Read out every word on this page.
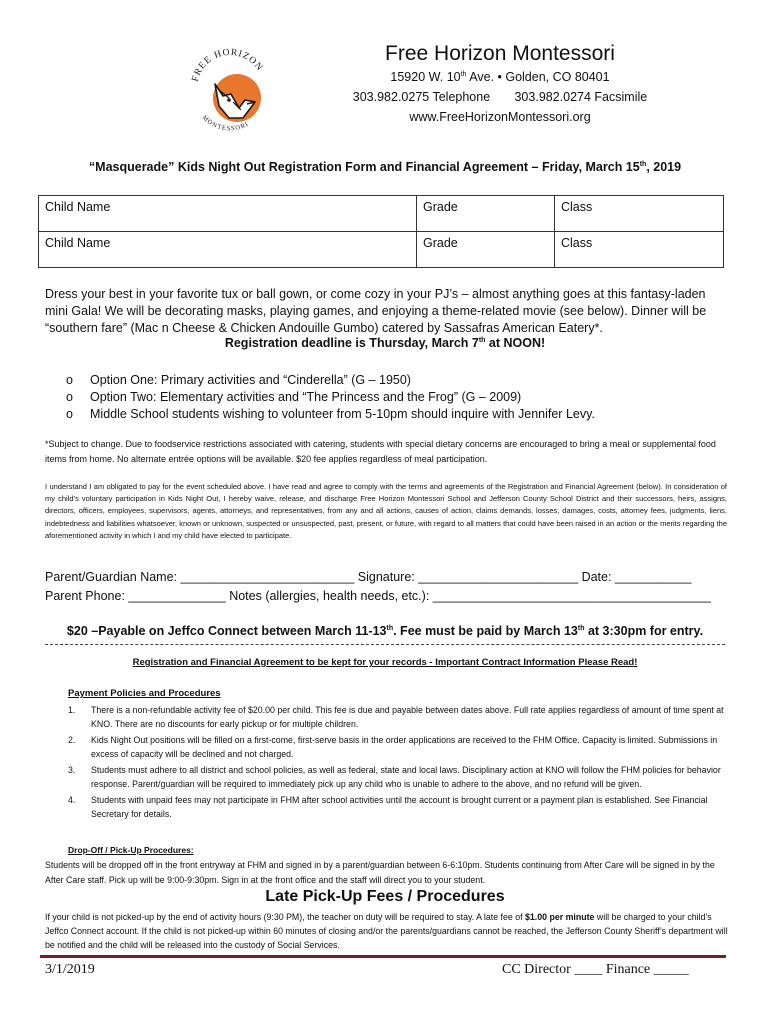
FREE HORIZON
MONTESSORI
Free Horizon Montessori
15920 W. 10th Ave. • Golden, CO 80401
303.982.0275 Telephone 303.982.0274 Facsimile
www.FreeHorizonMontessori.org
“Masquerade” Kids Night Out Registration Form and Financial Agreement – Friday, March 15th, 2019
Child Name	Grade	Class
Child Name	Grade	Class
Dress your best in your favorite tux or ball gown, or come cozy in your PJ’s – almost anything goes at this fantasy-laden mini Gala! We will be decorating masks, playing games, and enjoying a theme-related movie (see below). Dinner will be “southern fare” (Mac n Cheese & Chicken Andouille Gumbo) catered by Sassafras American Eatery*.
Registration deadline is Thursday, March 7th at NOON!
o Option One: Primary activities and “Cinderella” (G – 1950)
o Option Two: Elementary activities and “The Princess and the Frog” (G – 2009)
o Middle School students wishing to volunteer from 5-10pm should inquire with Jennifer Levy.
*Subject to change. Due to foodservice restrictions associated with catering, students with special dietary concerns are encouraged to bring a meal or supplemental food items from home. No alternate entrée options will be available. $20 fee applies regardless of meal participation.
I understand I am obligated to pay for the event scheduled above. I have read and agree to comply with the terms and agreements of the Registration and Financial Agreement (below). In consideration of my child’s voluntary participation in Kids Night Out, I hereby waive, release, and discharge Free Horizon Montessori School and Jefferson County School District and their successors, heirs, assigns, directors, officers, employees, supervisors, agents, attorneys, and representatives, from any and all actions, causes of action, claims demands, losses, damages, costs, attorney fees, judgments, liens, indebtedness and liabilities whatsoever, known or unknown, suspected or unsuspected, past, present, or future, with regard to all matters that could have been raised in an action or the merits regarding the aforementioned activity in which I and my child have elected to participate.
Parent/Guardian Name: _________________________ Signature: _______________________ Date: ___________
Parent Phone: ______________ Notes (allergies, health needs, etc.): ________________________________________
$20 –Payable on Jeffco Connect between March 11-13th. Fee must be paid by March 13th at 3:30pm for entry.
Registration and Financial Agreement to be kept for your records - Important Contract Information Please Read!
Payment Policies and Procedures
1. There is a non-refundable activity fee of $20.00 per child. This fee is due and payable between dates above. Full rate applies regardless of amount of time spent at KNO. There are no discounts for early pickup or for multiple children.
2. Kids Night Out positions will be filled on a first-come, first-serve basis in the order applications are received to the FHM Office. Capacity is limited. Submissions in excess of capacity will be declined and not charged.
3. Students must adhere to all district and school policies, as well as federal, state and local laws. Disciplinary action at KNO will follow the FHM policies for behavior response. Parent/guardian will be required to immediately pick up any child who is unable to adhere to the above, and no refund will be given.
4. Students with unpaid fees may not participate in FHM after school activities until the account is brought current or a payment plan is established. See Financial Secretary for details.
Drop-Off / Pick-Up Procedures:
Students will be dropped off in the front entryway at FHM and signed in by a parent/guardian between 6-6:10pm. Students continuing from After Care will be signed in by the After Care staff. Pick up will be 9:00-9:30pm. Sign in at the front office and the staff will direct you to your student.
Late Pick-Up Fees / Procedures
If your child is not picked-up by the end of activity hours (9:30 PM), the teacher on duty will be required to stay. A late fee of $1.00 per minute will be charged to your child’s Jeffco Connect account. If the child is not picked-up within 60 minutes of closing and/or the parents/guardians cannot be reached, the Jefferson County Sheriff’s department will be notified and the child will be released into the custody of Social Services.
3/1/2019	CC Director ____ Finance _____
